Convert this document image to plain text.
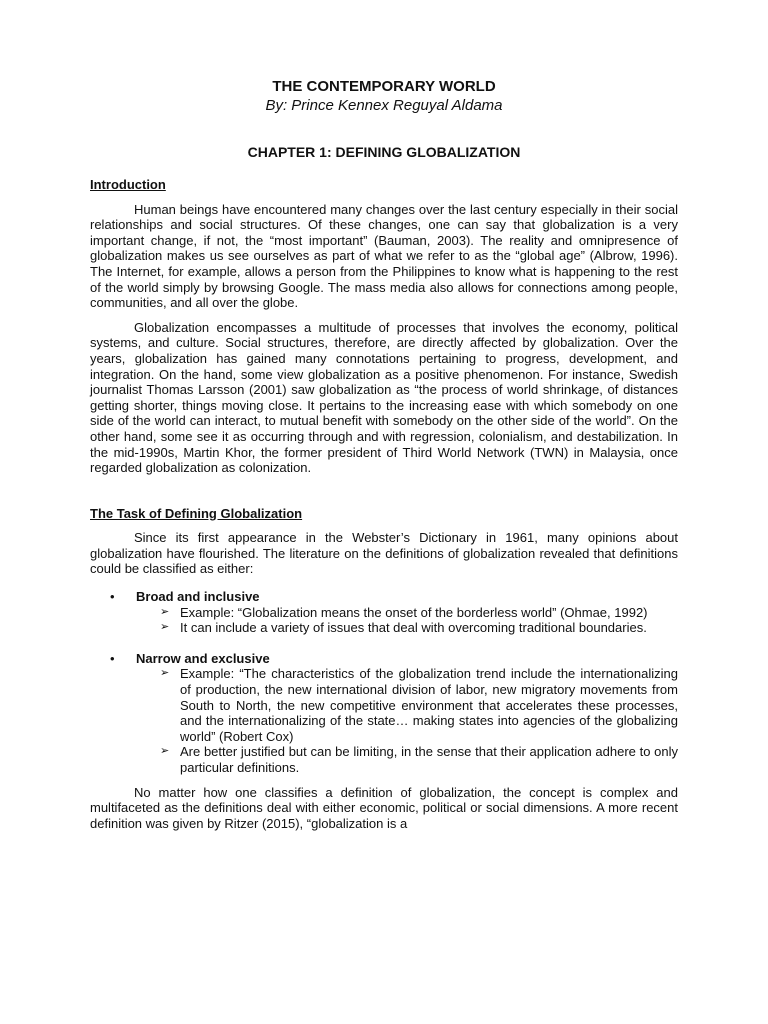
THE CONTEMPORARY WORLD
By: Prince Kennex Reguyal Aldama
CHAPTER 1: DEFINING GLOBALIZATION
Introduction

Human beings have encountered many changes over the last century especially in their social relationships and social structures. Of these changes, one can say that globalization is a very important change, if not, the “most important” (Bauman, 2003). The reality and omnipresence of globalization makes us see ourselves as part of what we refer to as the “global age” (Albrow, 1996). The Internet, for example, allows a person from the Philippines to know what is happening to the rest of the world simply by browsing Google. The mass media also allows for connections among people, communities, and all over the globe.

Globalization encompasses a multitude of processes that involves the economy, political systems, and culture. Social structures, therefore, are directly affected by globalization. Over the years, globalization has gained many connotations pertaining to progress, development, and integration. On the hand, some view globalization as a positive phenomenon. For instance, Swedish journalist Thomas Larsson (2001) saw globalization as “the process of world shrinkage, of distances getting shorter, things moving close. It pertains to the increasing ease with which somebody on one side of the world can interact, to mutual benefit with somebody on the other side of the world”. On the other hand, some see it as occurring through and with regression, colonialism, and destabilization. In the mid-1990s, Martin Khor, the former president of Third World Network (TWN) in Malaysia, once regarded globalization as colonization.

The Task of Defining Globalization

Since its first appearance in the Webster’s Dictionary in 1961, many opinions about globalization have flourished. The literature on the definitions of globalization revealed that definitions could be classified as either:

• Broad and inclusive
➢ Example: “Globalization means the onset of the borderless world” (Ohmae, 1992)
➢ It can include a variety of issues that deal with overcoming traditional boundaries.
• Narrow and exclusive
➢ Example: “The characteristics of the globalization trend include the internationalizing of production, the new international division of labor, new migratory movements from South to North, the new competitive environment that accelerates these processes, and the internationalizing of the state… making states into agencies of the globalizing world” (Robert Cox)
➢ Are better justified but can be limiting, in the sense that their application adhere to only particular definitions.

No matter how one classifies a definition of globalization, the concept is complex and multifaceted as the definitions deal with either economic, political or social dimensions. A more recent definition was given by Ritzer (2015), “globalization is a
